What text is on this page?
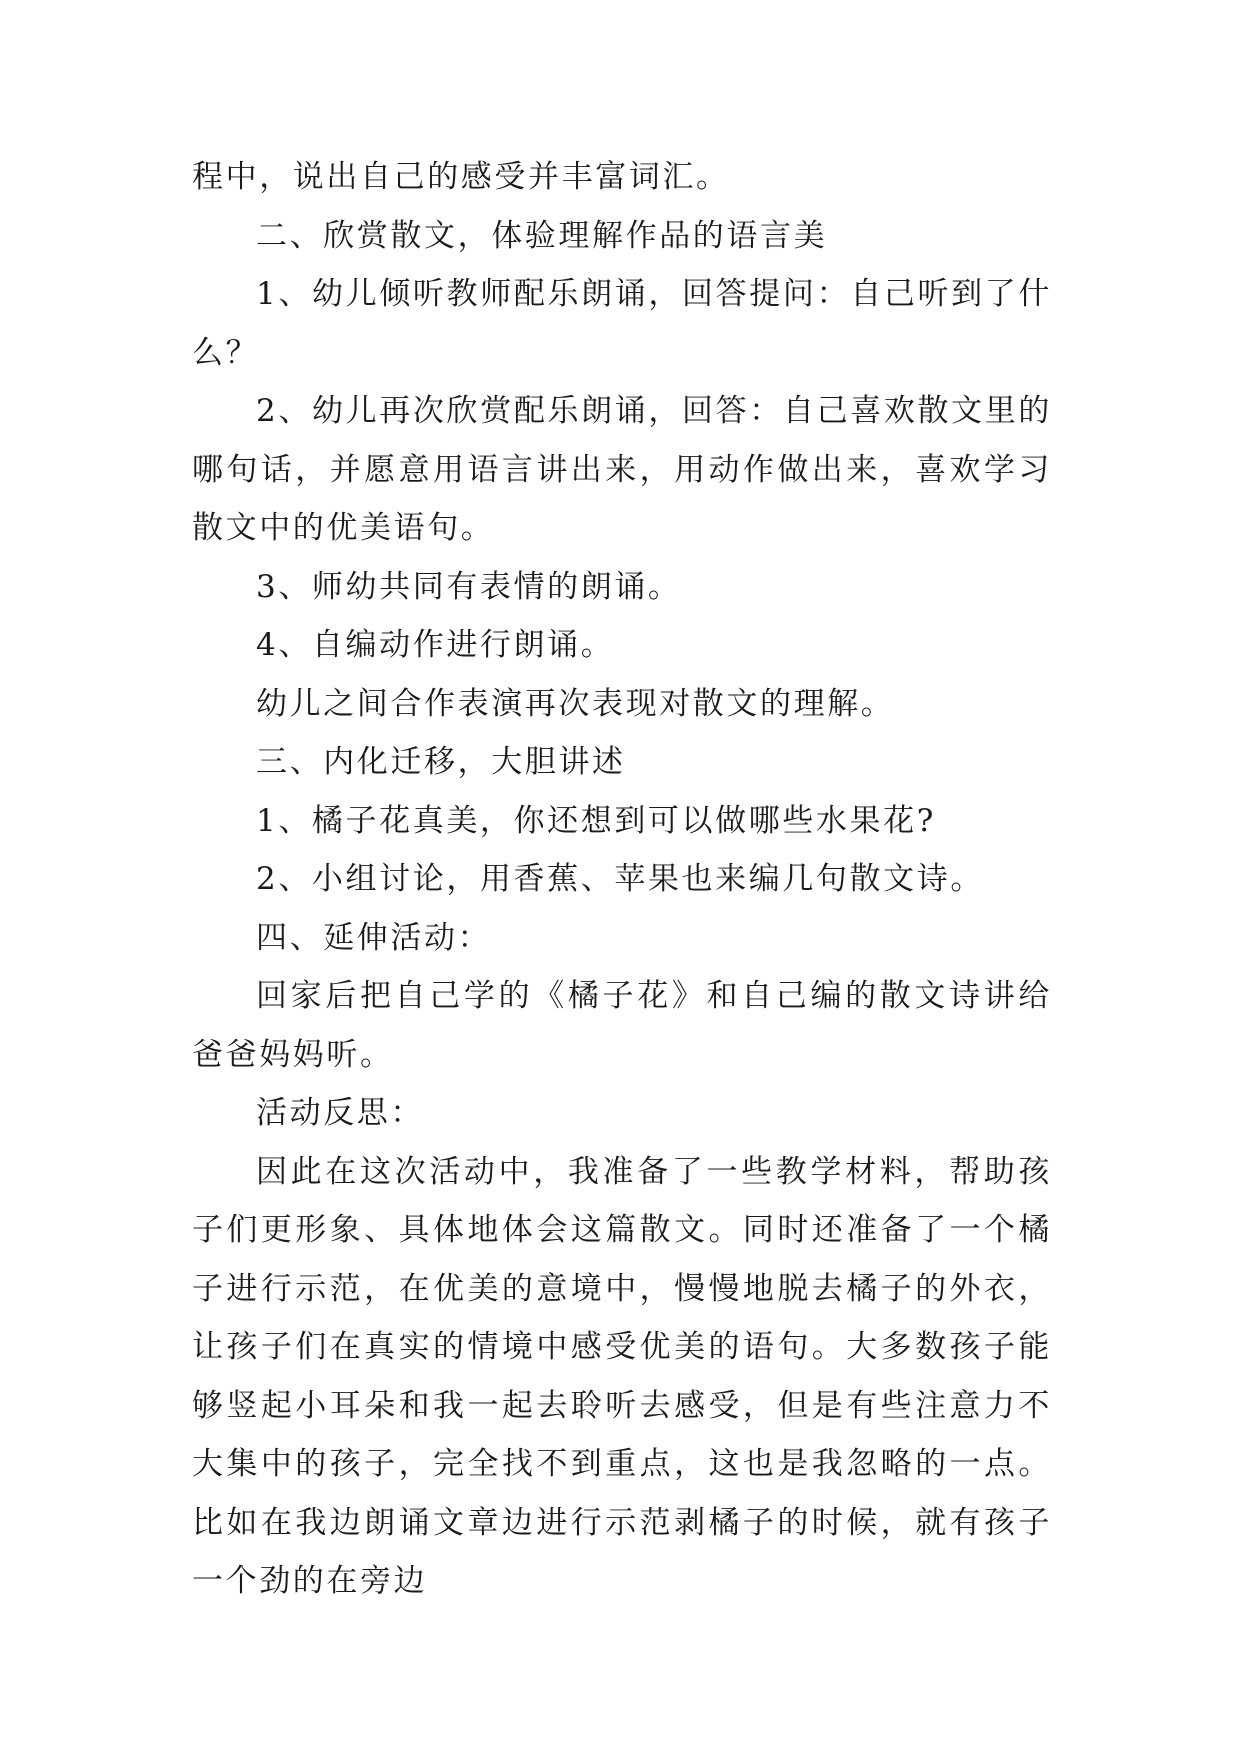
程中，说出自己的感受并丰富词汇。

二、欣赏散文，体验理解作品的语言美

1、幼儿倾听教师配乐朗诵，回答提问：自己听到了什么？

2、幼儿再次欣赏配乐朗诵，回答：自己喜欢散文里的哪句话，并愿意用语言讲出来，用动作做出来，喜欢学习散文中的优美语句。

3、师幼共同有表情的朗诵。

4、自编动作进行朗诵。

幼儿之间合作表演再次表现对散文的理解。

三、内化迁移，大胆讲述

1、橘子花真美，你还想到可以做哪些水果花?

2、小组讨论，用香蕉、苹果也来编几句散文诗。

四、延伸活动：

回家后把自己学的《橘子花》和自己编的散文诗讲给爸爸妈妈听。

活动反思：

因此在这次活动中，我准备了一些教学材料，帮助孩子们更形象、具体地体会这篇散文。同时还准备了一个橘子进行示范，在优美的意境中，慢慢地脱去橘子的外衣，让孩子们在真实的情境中感受优美的语句。大多数孩子能够竖起小耳朵和我一起去聆听去感受，但是有些注意力不大集中的孩子，完全找不到重点，这也是我忽略的一点。比如在我边朗诵文章边进行示范剥橘子的时候，就有孩子一个劲的在旁边
